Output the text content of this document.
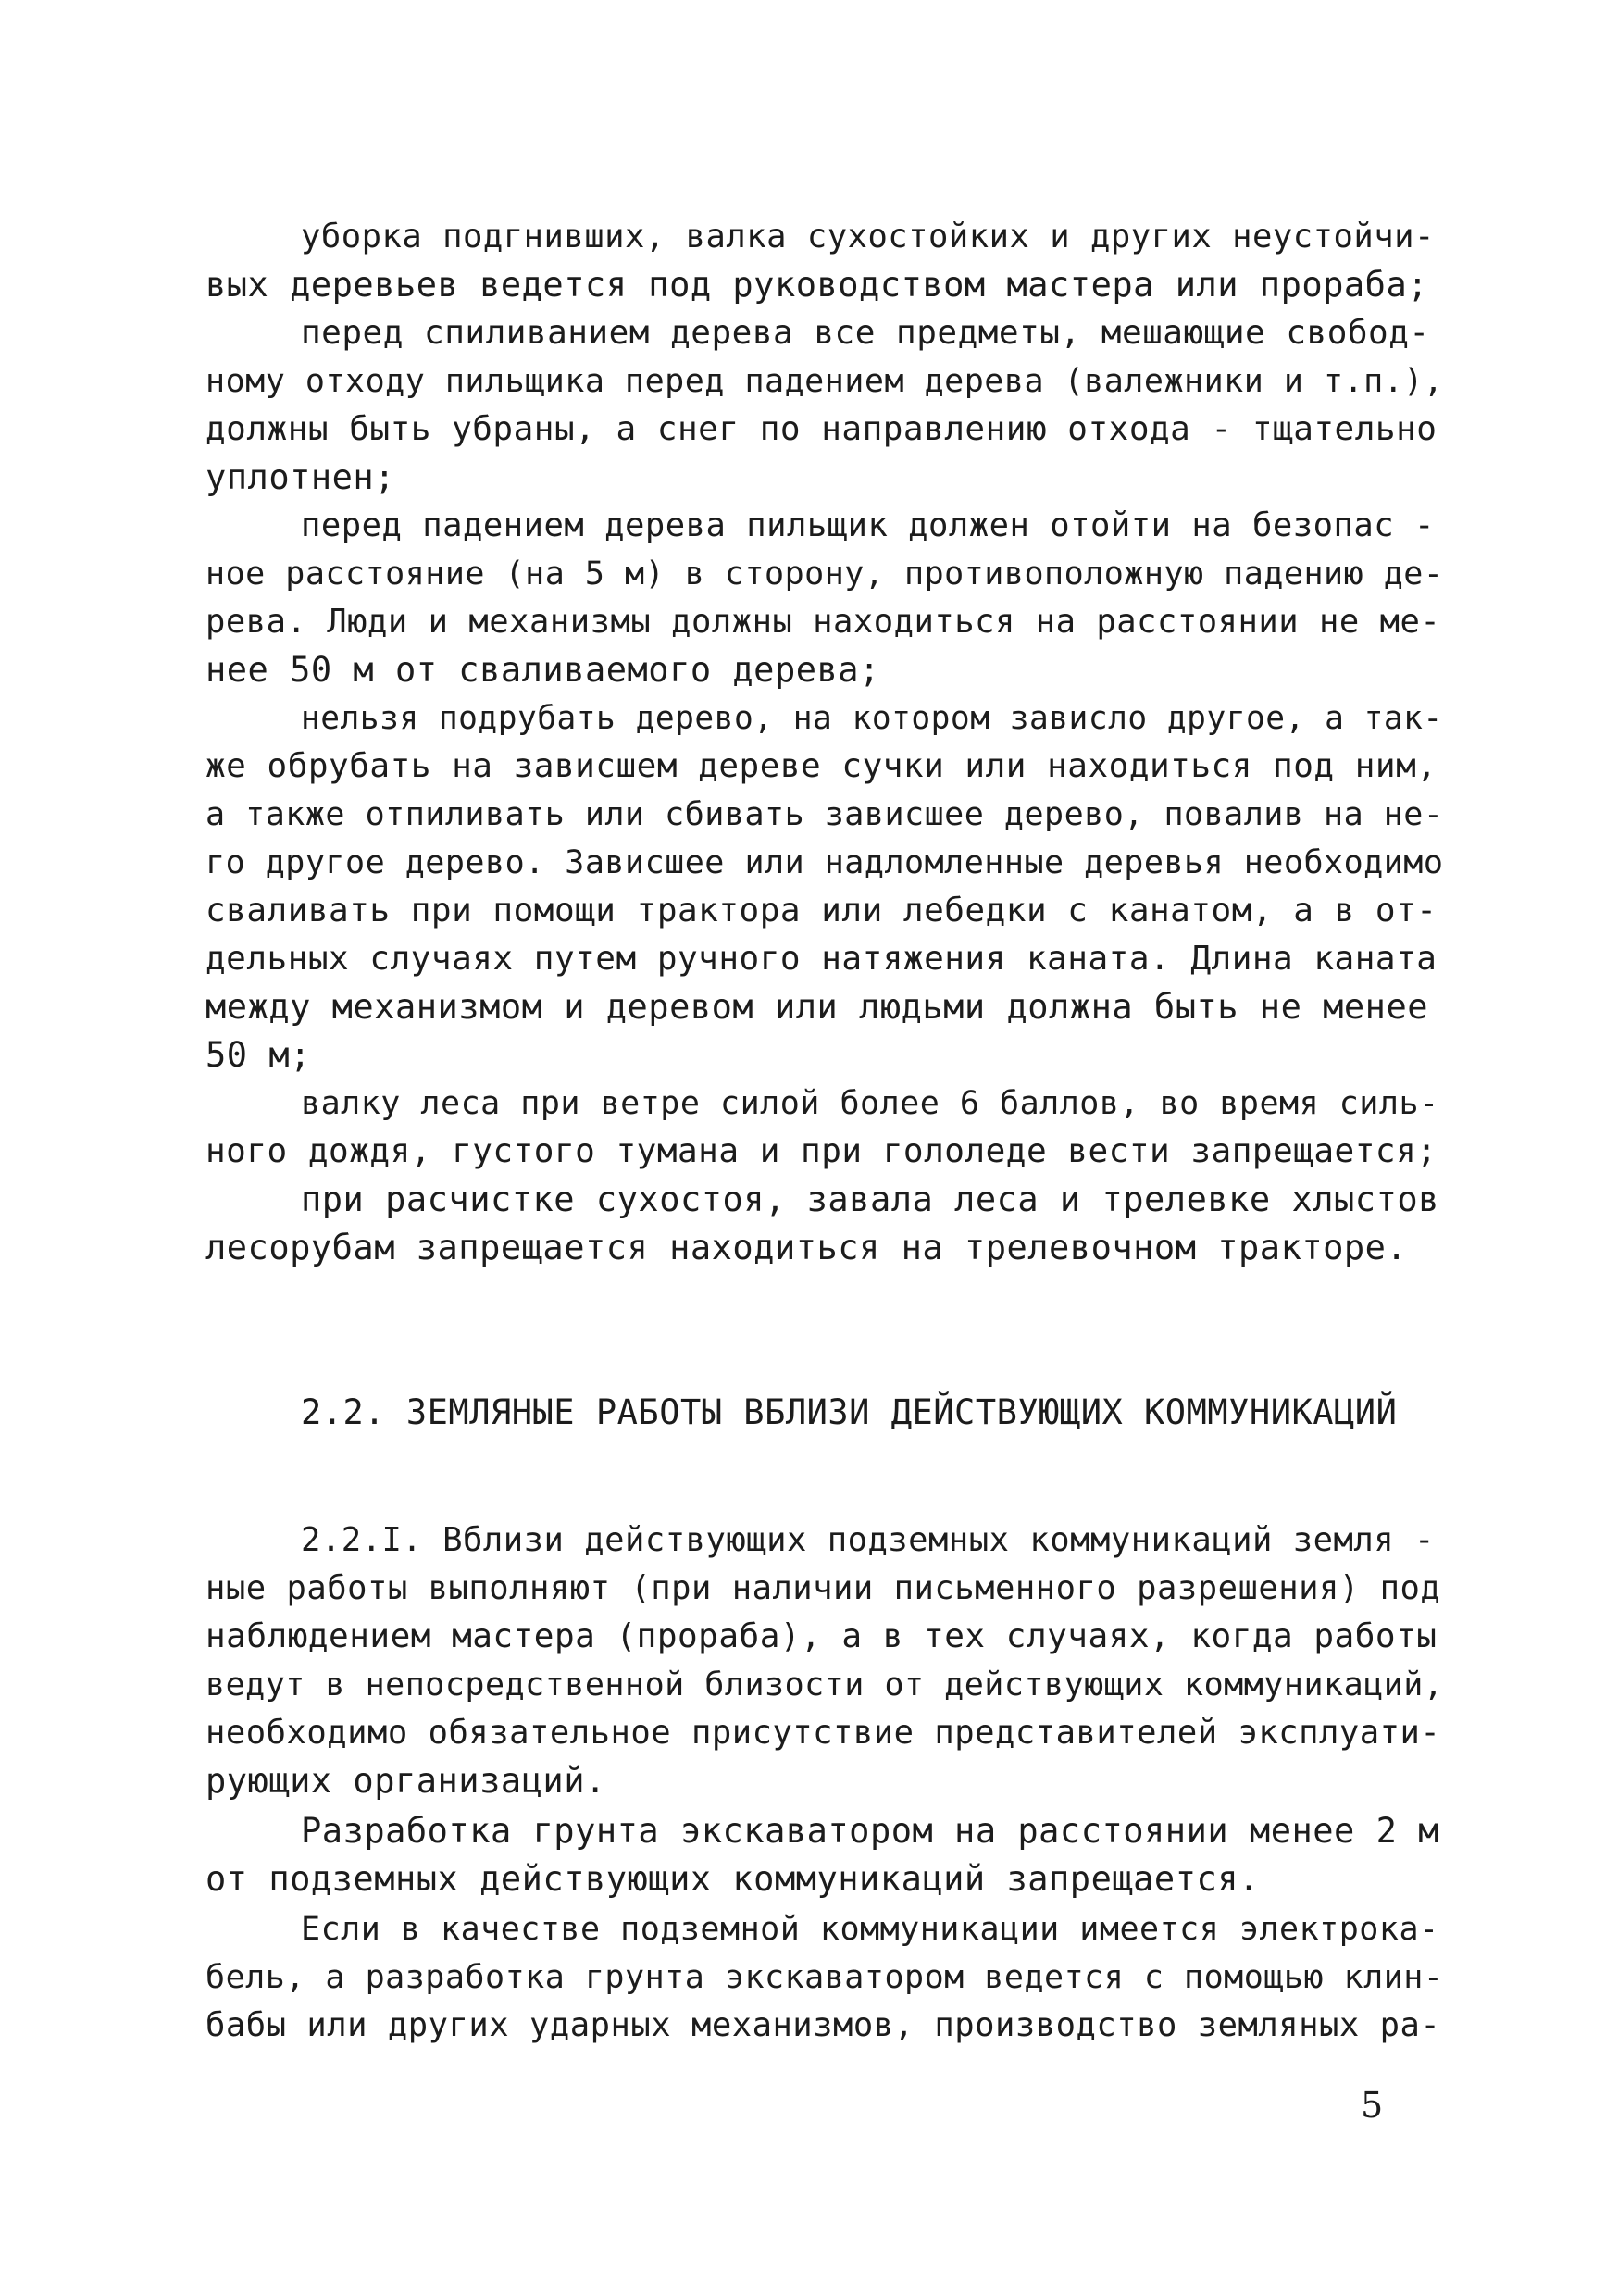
уборка подгнивших, валка сухостойких и других неустойчи-
вых деревьев ведется под руководством мастера или прораба;
перед спиливанием дерева все предметы, мешающие свобод-
ному отходу пильщика перед падением дерева (валежники и т.п.),
должны быть убраны, а снег по направлению отхода - тщательно
уплотнен;
перед падением дерева пильщик должен отойти на безопас -
ное расстояние (на 5 м) в сторону, противоположную падению де-
рева. Люди и механизмы должны находиться на расстоянии не ме-
нее 50 м от сваливаемого дерева;
нельзя подрубать дерево, на котором зависло другое, а так-
же обрубать на зависшем дереве сучки или находиться под ним,
а также отпиливать или сбивать зависшее дерево, повалив на не-
го другое дерево. Зависшее или надломленные деревья необходимо
сваливать при помощи трактора или лебедки с канатом, а в от-
дельных случаях путем ручного натяжения каната. Длина каната
между механизмом и деревом или людьми должна быть не менее
50 м;
валку леса при ветре силой более 6 баллов, во время силь-
ного дождя, густого тумана и при гололеде вести запрещается;
при расчистке сухостоя, завала леса и трелевке хлыстов
лесорубам запрещается находиться на трелевочном тракторе.
2.2. ЗЕМЛЯНЫЕ РАБОТЫ ВБЛИЗИ ДЕЙСТВУЮЩИХ КОММУНИКАЦИЙ
2.2.I. Вблизи действующих подземных коммуникаций земля -
ные работы выполняют (при наличии письменного разрешения) под
наблюдением мастера (прораба), а в тех случаях, когда работы
ведут в непосредственной близости от действующих коммуникаций,
необходимо обязательное присутствие представителей эксплуати-
рующих организаций.
Разработка грунта экскаватором на расстоянии менее 2 м
от подземных действующих коммуникаций запрещается.
Если в качестве подземной коммуникации имеется электрока-
бель, а разработка грунта экскаватором ведется с помощью клин-
бабы или других ударных механизмов, производство земляных ра-
5
